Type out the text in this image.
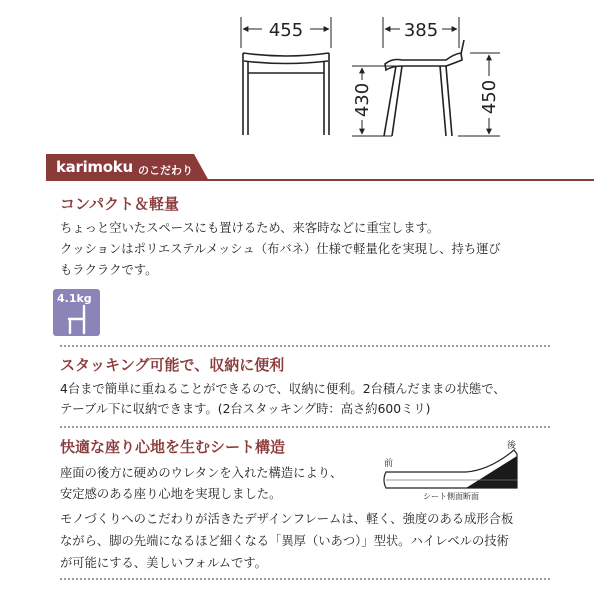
455	385
430	450
karimoku のこだわり
コンパクト＆軽量
ちょっと空いたスペースにも置けるため、来客時などに重宝します。
クッションはポリエステルメッシュ（布バネ）仕様で軽量化を実現し、持ち運び
もラクラクです。
4.1kg
スタッキング可能で、収納に便利
4台まで簡単に重ねることができるので、収納に便利。2台積んだままの状態で、
テーブル下に収納できます。(2台スタッキング時：高さ約600ミリ)
快適な座り心地を生むシート構造
座面の後方に硬めのウレタンを入れた構造により、
安定感のある座り心地を実現しました。
モノづくりへのこだわりが活きたデザインフレームは、軽く、強度のある成形合板
ながら、脚の先端になるほど細くなる「異厚（いあつ）」型状。ハイレベルの技術
が可能にする、美しいフォルムです。
前
後
シート側面断面
